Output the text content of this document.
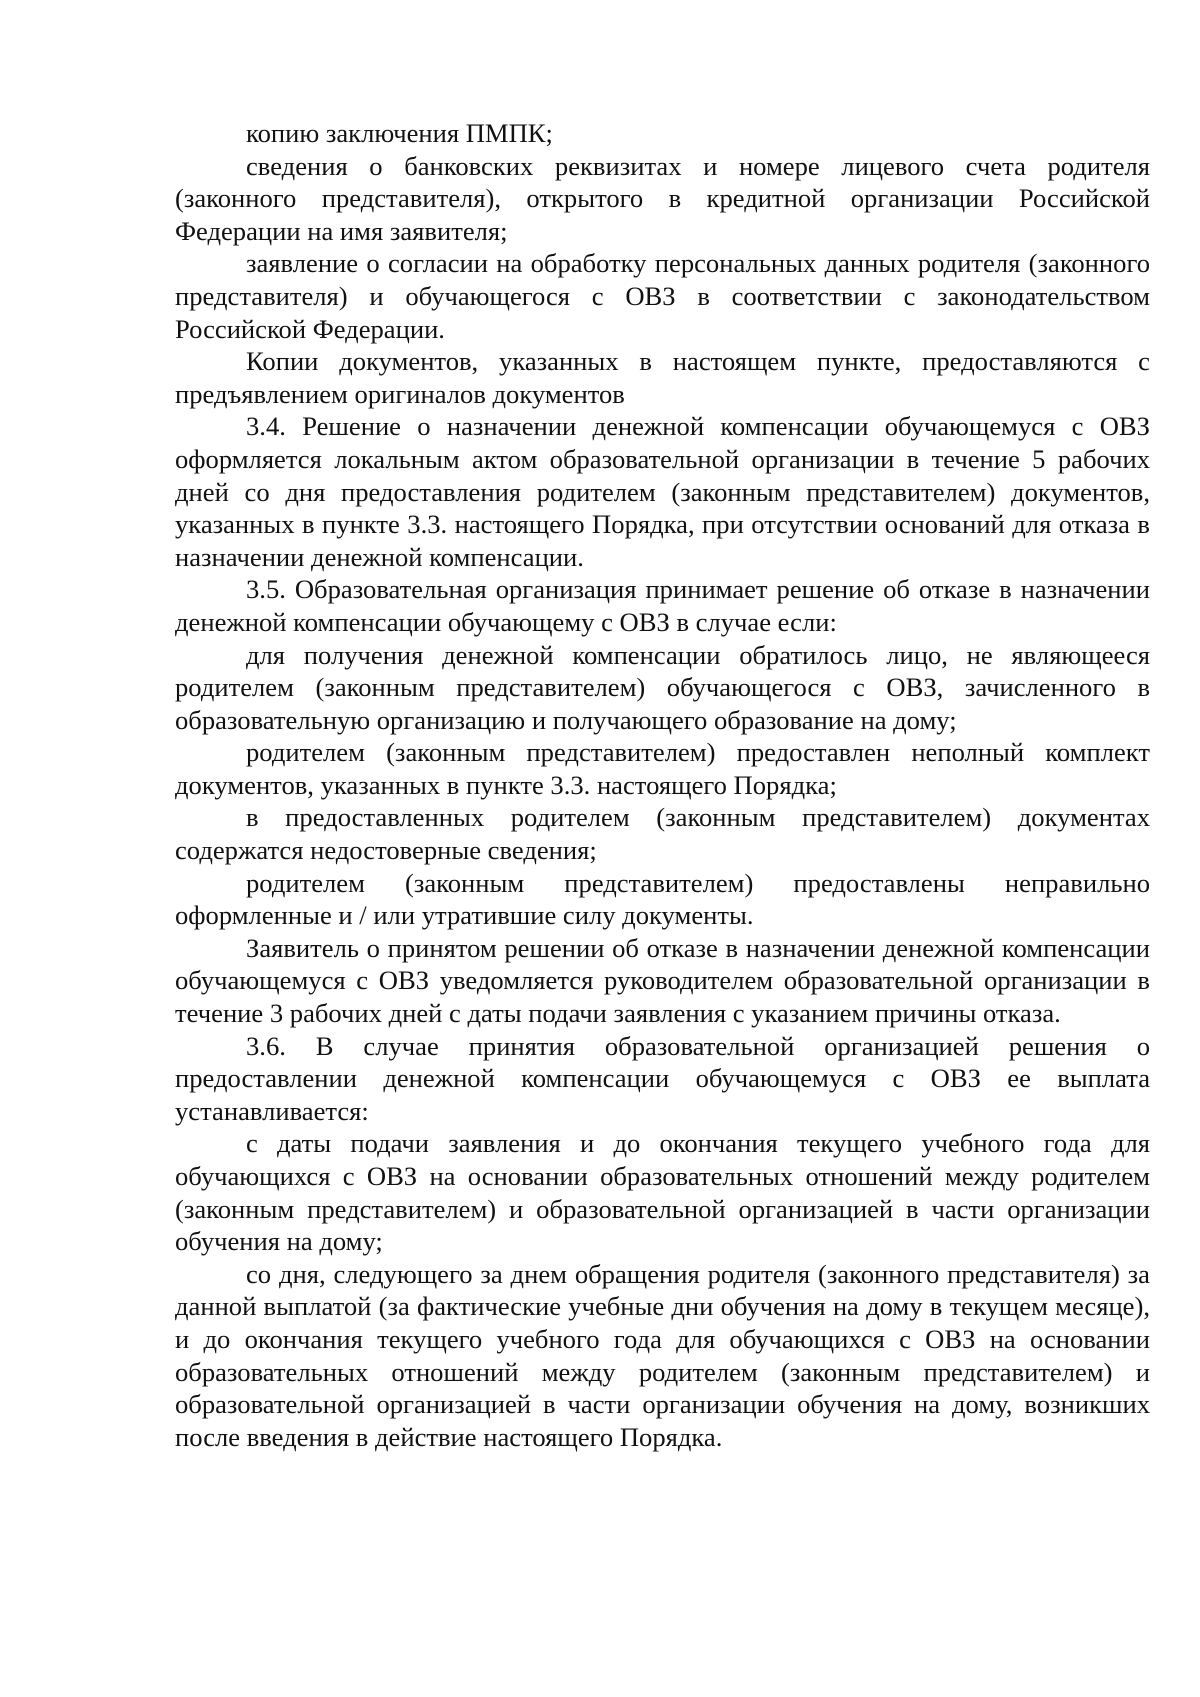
копию заключения ПМПК;

сведения о банковских реквизитах и номере лицевого счета родителя (законного представителя), открытого в кредитной организации Российской Федерации на имя заявителя;

заявление о согласии на обработку персональных данных родителя (законного представителя) и обучающегося с ОВЗ в соответствии с законодательством Российской Федерации.

Копии документов, указанных в настоящем пункте, предоставляются с предъявлением оригиналов документов

3.4. Решение о назначении денежной компенсации обучающемуся с ОВЗ оформляется локальным актом образовательной организации в течение 5 рабочих дней со дня предоставления родителем (законным представителем) документов, указанных в пункте 3.3. настоящего Порядка, при отсутствии оснований для отказа в назначении денежной компенсации.

3.5. Образовательная организация принимает решение об отказе в назначении денежной компенсации обучающему с ОВЗ в случае если:

для получения денежной компенсации обратилось лицо, не являющееся родителем (законным представителем) обучающегося с ОВЗ, зачисленного в образовательную организацию и получающего образование на дому;

родителем (законным представителем) предоставлен неполный комплект документов, указанных в пункте 3.3. настоящего Порядка;

в предоставленных родителем (законным представителем) документах содержатся недостоверные сведения;

родителем (законным представителем) предоставлены неправильно оформленные и / или утратившие силу документы.

Заявитель о принятом решении об отказе в назначении денежной компенсации обучающемуся с ОВЗ уведомляется руководителем образовательной организации в течение 3 рабочих дней с даты подачи заявления с указанием причины отказа.

3.6. В случае принятия образовательной организацией решения о предоставлении денежной компенсации обучающемуся с ОВЗ ее выплата устанавливается:

с даты подачи заявления и до окончания текущего учебного года для обучающихся с ОВЗ на основании образовательных отношений между родителем (законным представителем) и образовательной организацией в части организации обучения на дому;

со дня, следующего за днем обращения родителя (законного представителя) за данной выплатой (за фактические учебные дни обучения на дому в текущем месяце), и до окончания текущего учебного года для обучающихся с ОВЗ на основании образовательных отношений между родителем (законным представителем) и образовательной организацией в части организации обучения на дому, возникших после введения в действие настоящего Порядка.
